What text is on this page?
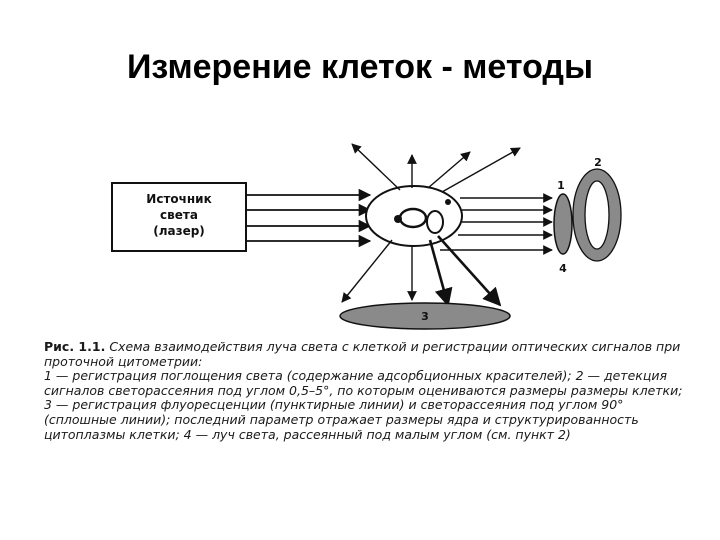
Измерение клеток - методы
Источник
света
(лазер)
3
1
2
4

Рис. 1.1. Схема взаимодействия луча света с клеткой и регистрации оптических сигналов при проточной цитометрии:

1 — регистрация поглощения света (содержание адсорбционных красителей); 2 — детекция сигналов светорассеяния под углом 0,5–5°, по которым оцениваются размеры размеры клетки; 3 — регистрация флуоресценции (пунктирные линии) и светорассеяния под углом 90° (сплошные линии); последний параметр отражает размеры ядра и структурированность цитоплазмы клетки; 4 — луч света, рассеянный под малым углом (см. пункт 2)
